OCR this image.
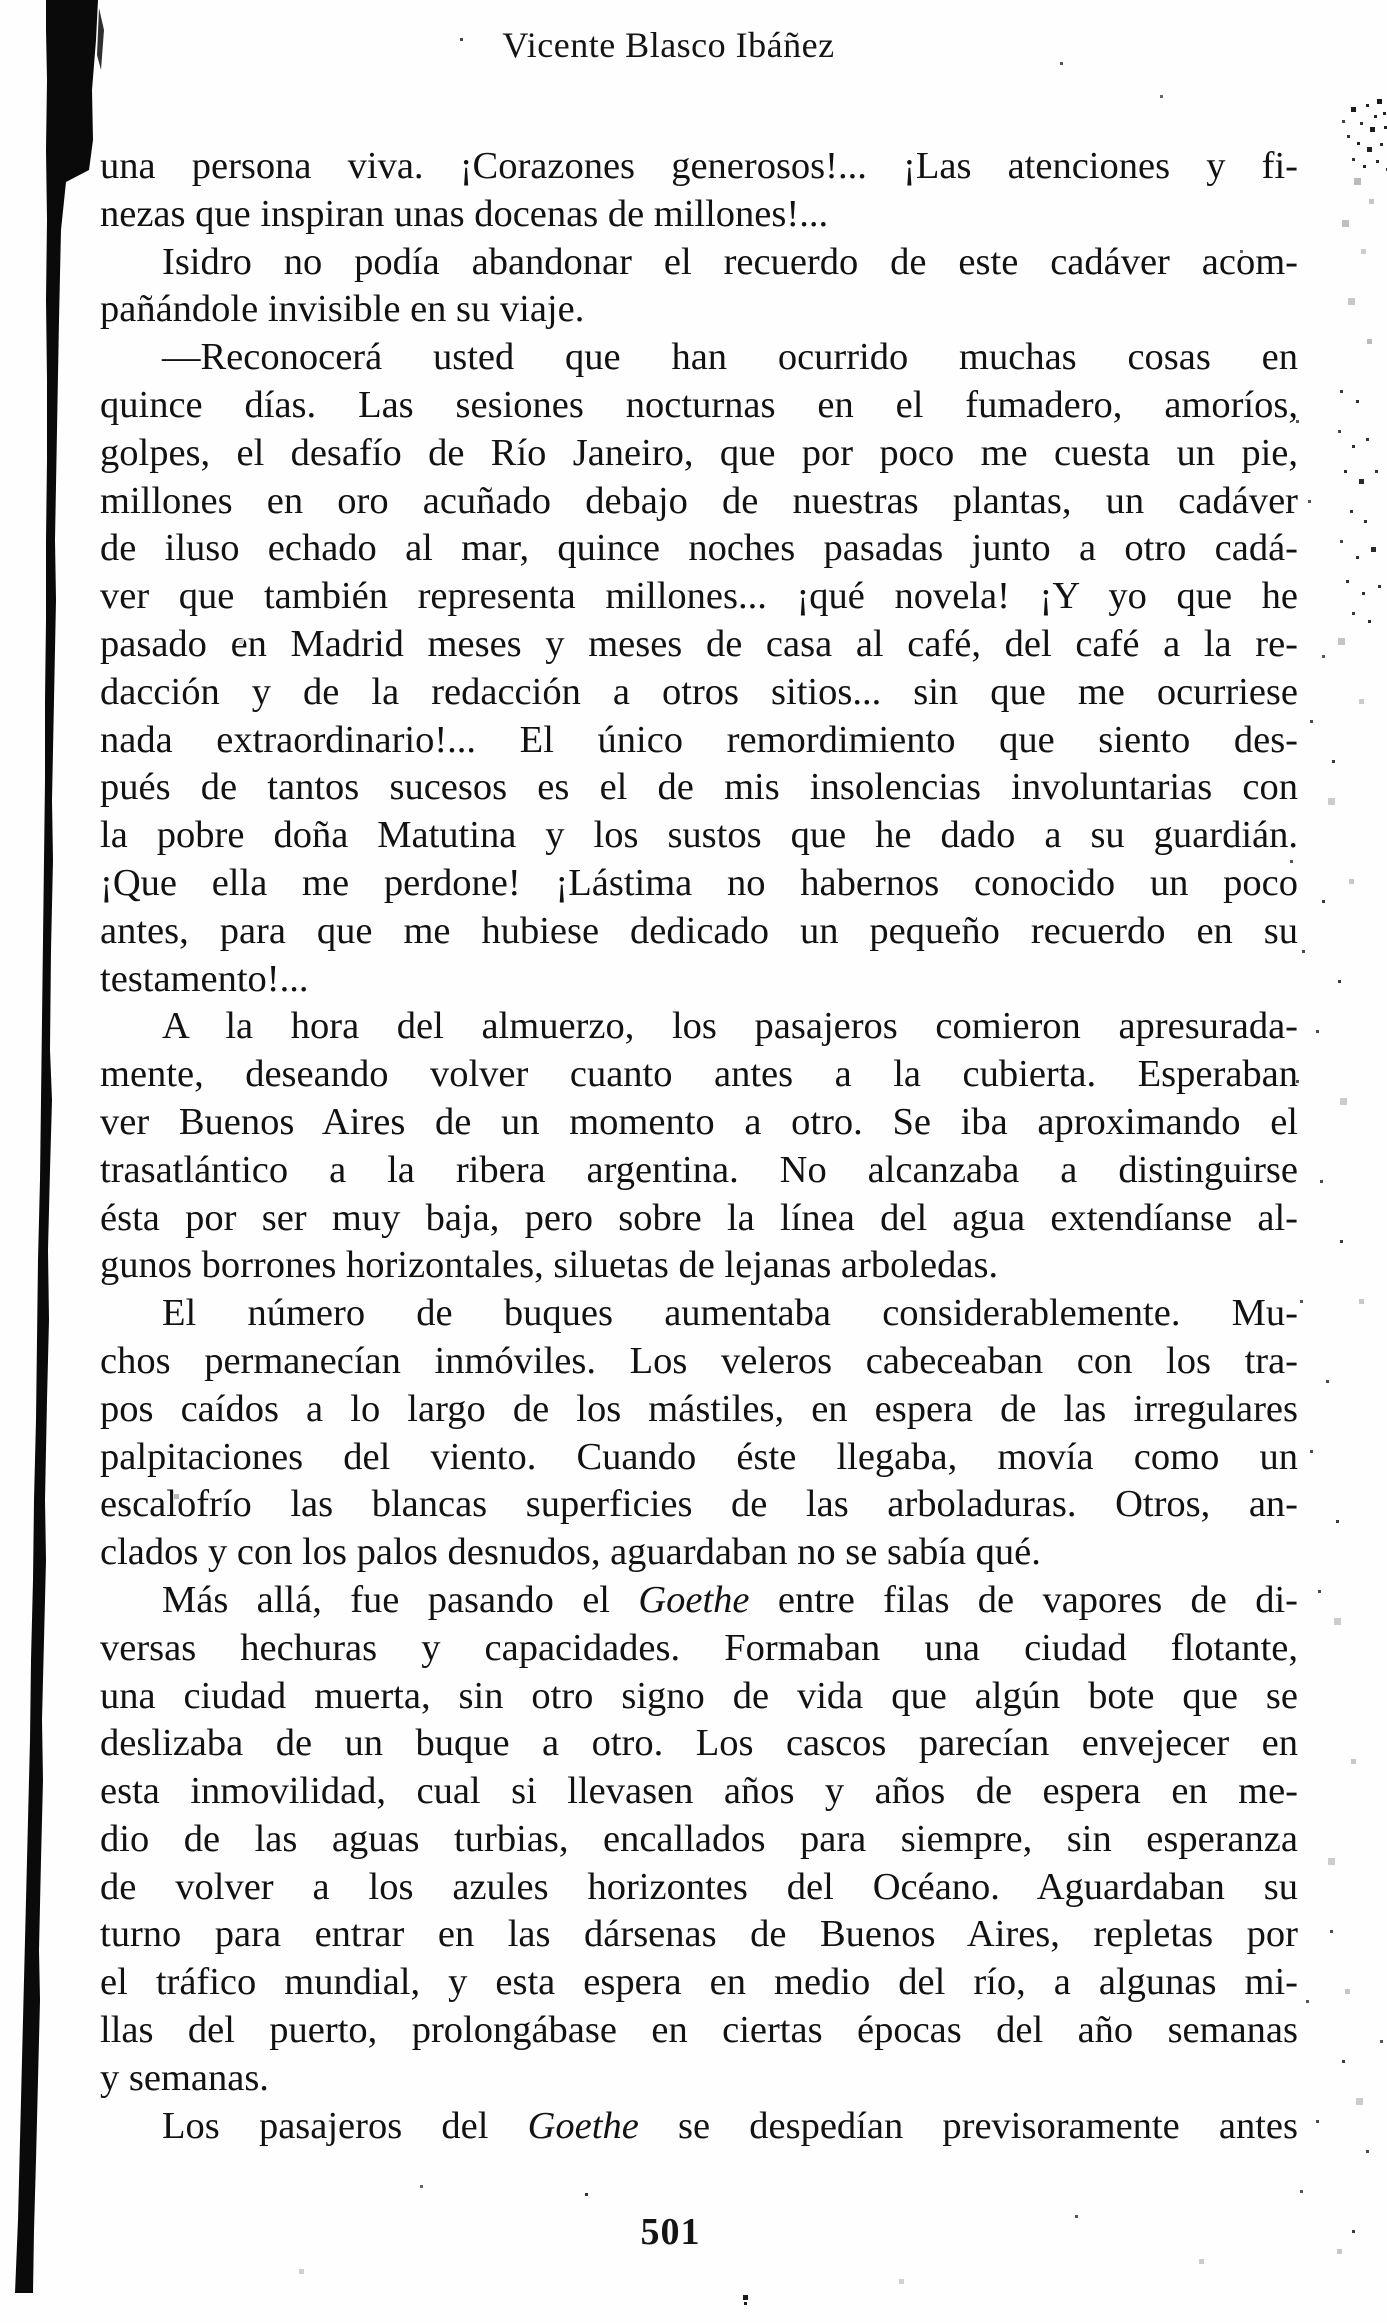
Vicente Blasco Ibáñez
una persona viva. ¡Corazones generosos!... ¡Las atenciones y fi-
nezas que inspiran unas docenas de millones!...
Isidro no podía abandonar el recuerdo de este cadáver acom-
pañándole invisible en su viaje.
—Reconocerá usted que han ocurrido muchas cosas en
quince días. Las sesiones nocturnas en el fumadero, amoríos,
golpes, el desafío de Río Janeiro, que por poco me cuesta un pie,
millones en oro acuñado debajo de nuestras plantas, un cadáver
de iluso echado al mar, quince noches pasadas junto a otro cadá-
ver que también representa millones... ¡qué novela! ¡Y yo que he
pasado en Madrid meses y meses de casa al café, del café a la re-
dacción y de la redacción a otros sitios... sin que me ocurriese
nada extraordinario!... El único remordimiento que siento des-
pués de tantos sucesos es el de mis insolencias involuntarias con
la pobre doña Matutina y los sustos que he dado a su guardián.
¡Que ella me perdone! ¡Lástima no habernos conocido un poco
antes, para que me hubiese dedicado un pequeño recuerdo en su
testamento!...
A la hora del almuerzo, los pasajeros comieron apresurada-
mente, deseando volver cuanto antes a la cubierta. Esperaban
ver Buenos Aires de un momento a otro. Se iba aproximando el
trasatlántico a la ribera argentina. No alcanzaba a distinguirse
ésta por ser muy baja, pero sobre la línea del agua extendíanse al-
gunos borrones horizontales, siluetas de lejanas arboledas.
El número de buques aumentaba considerablemente. Mu-
chos permanecían inmóviles. Los veleros cabeceaban con los tra-
pos caídos a lo largo de los mástiles, en espera de las irregulares
palpitaciones del viento. Cuando éste llegaba, movía como un
escalofrío las blancas superficies de las arboladuras. Otros, an-
clados y con los palos desnudos, aguardaban no se sabía qué.
Más allá, fue pasando el Goethe entre filas de vapores de di-
versas hechuras y capacidades. Formaban una ciudad flotante,
una ciudad muerta, sin otro signo de vida que algún bote que se
deslizaba de un buque a otro. Los cascos parecían envejecer en
esta inmovilidad, cual si llevasen años y años de espera en me-
dio de las aguas turbias, encallados para siempre, sin esperanza
de volver a los azules horizontes del Océano. Aguardaban su
turno para entrar en las dársenas de Buenos Aires, repletas por
el tráfico mundial, y esta espera en medio del río, a algunas mi-
llas del puerto, prolongábase en ciertas épocas del año semanas
y semanas.
Los pasajeros del Goethe se despedían previsoramente antes
501
